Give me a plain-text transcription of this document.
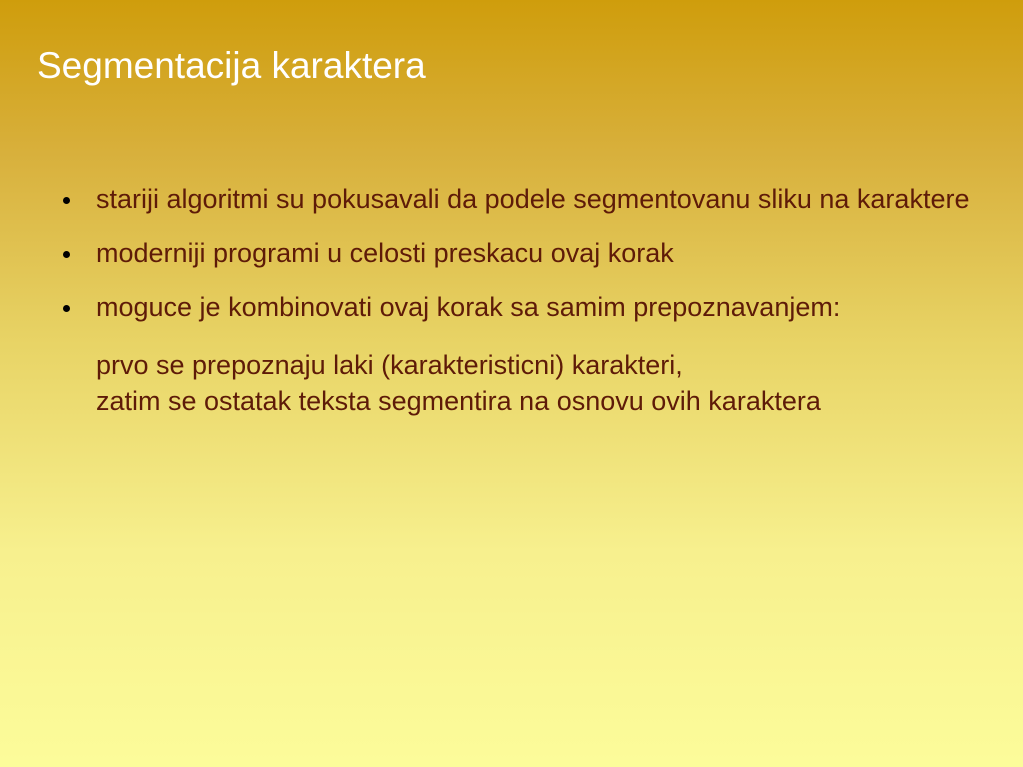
Segmentacija karaktera
stariji algoritmi su pokusavali da podele segmentovanu sliku na karaktere
moderniji programi u celosti preskacu ovaj korak
moguce je kombinovati ovaj korak sa samim prepoznavanjem:
prvo se prepoznaju laki (karakteristicni) karakteri,
zatim se ostatak teksta segmentira na osnovu ovih karaktera
